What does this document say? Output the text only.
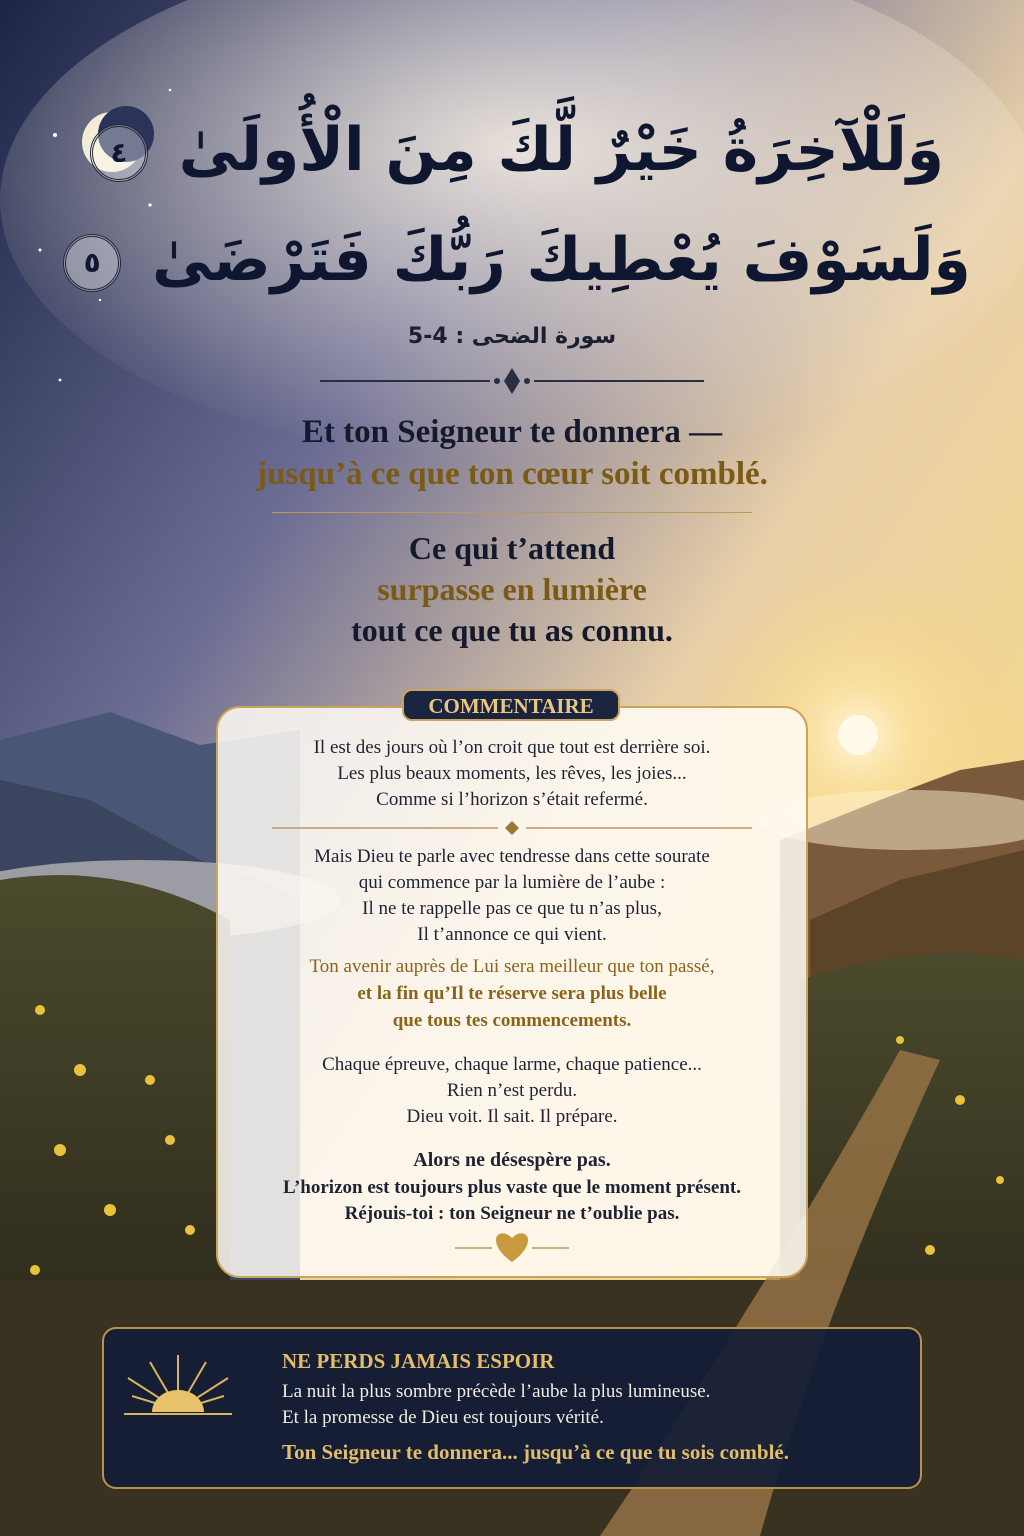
وَلَلْآخِرَةُ خَيْرٌ لَّكَ مِنَ الْأُولَىٰ ٤
وَلَسَوْفَ يُعْطِيكَ رَبُّكَ فَتَرْضَىٰ ٥
سورة الضحى : 4-5
Et ton Seigneur te donnera —
jusqu’à ce que ton cœur soit comblé.
Ce qui t’attend
surpasse en lumière
tout ce que tu as connu.
COMMENTAIRE
Il est des jours où l’on croit que tout est derrière soi.
Les plus beaux moments, les rêves, les joies...
Comme si l’horizon s’était refermé.
Mais Dieu te parle avec tendresse dans cette sourate
qui commence par la lumière de l’aube :
Il ne te rappelle pas ce que tu n’as plus,
Il t’annonce ce qui vient.
Ton avenir auprès de Lui sera meilleur que ton passé,
et la fin qu’Il te réserve sera plus belle
que tous tes commencements.
Chaque épreuve, chaque larme, chaque patience...
Rien n’est perdu.
Dieu voit. Il sait. Il prépare.
Alors ne désespère pas.
L’horizon est toujours plus vaste que le moment présent.
Réjouis-toi : ton Seigneur ne t’oublie pas.
NE PERDS JAMAIS ESPOIR
La nuit la plus sombre précède l’aube la plus lumineuse.
Et la promesse de Dieu est toujours vérité.
Ton Seigneur te donnera... jusqu’à ce que tu sois comblé.
